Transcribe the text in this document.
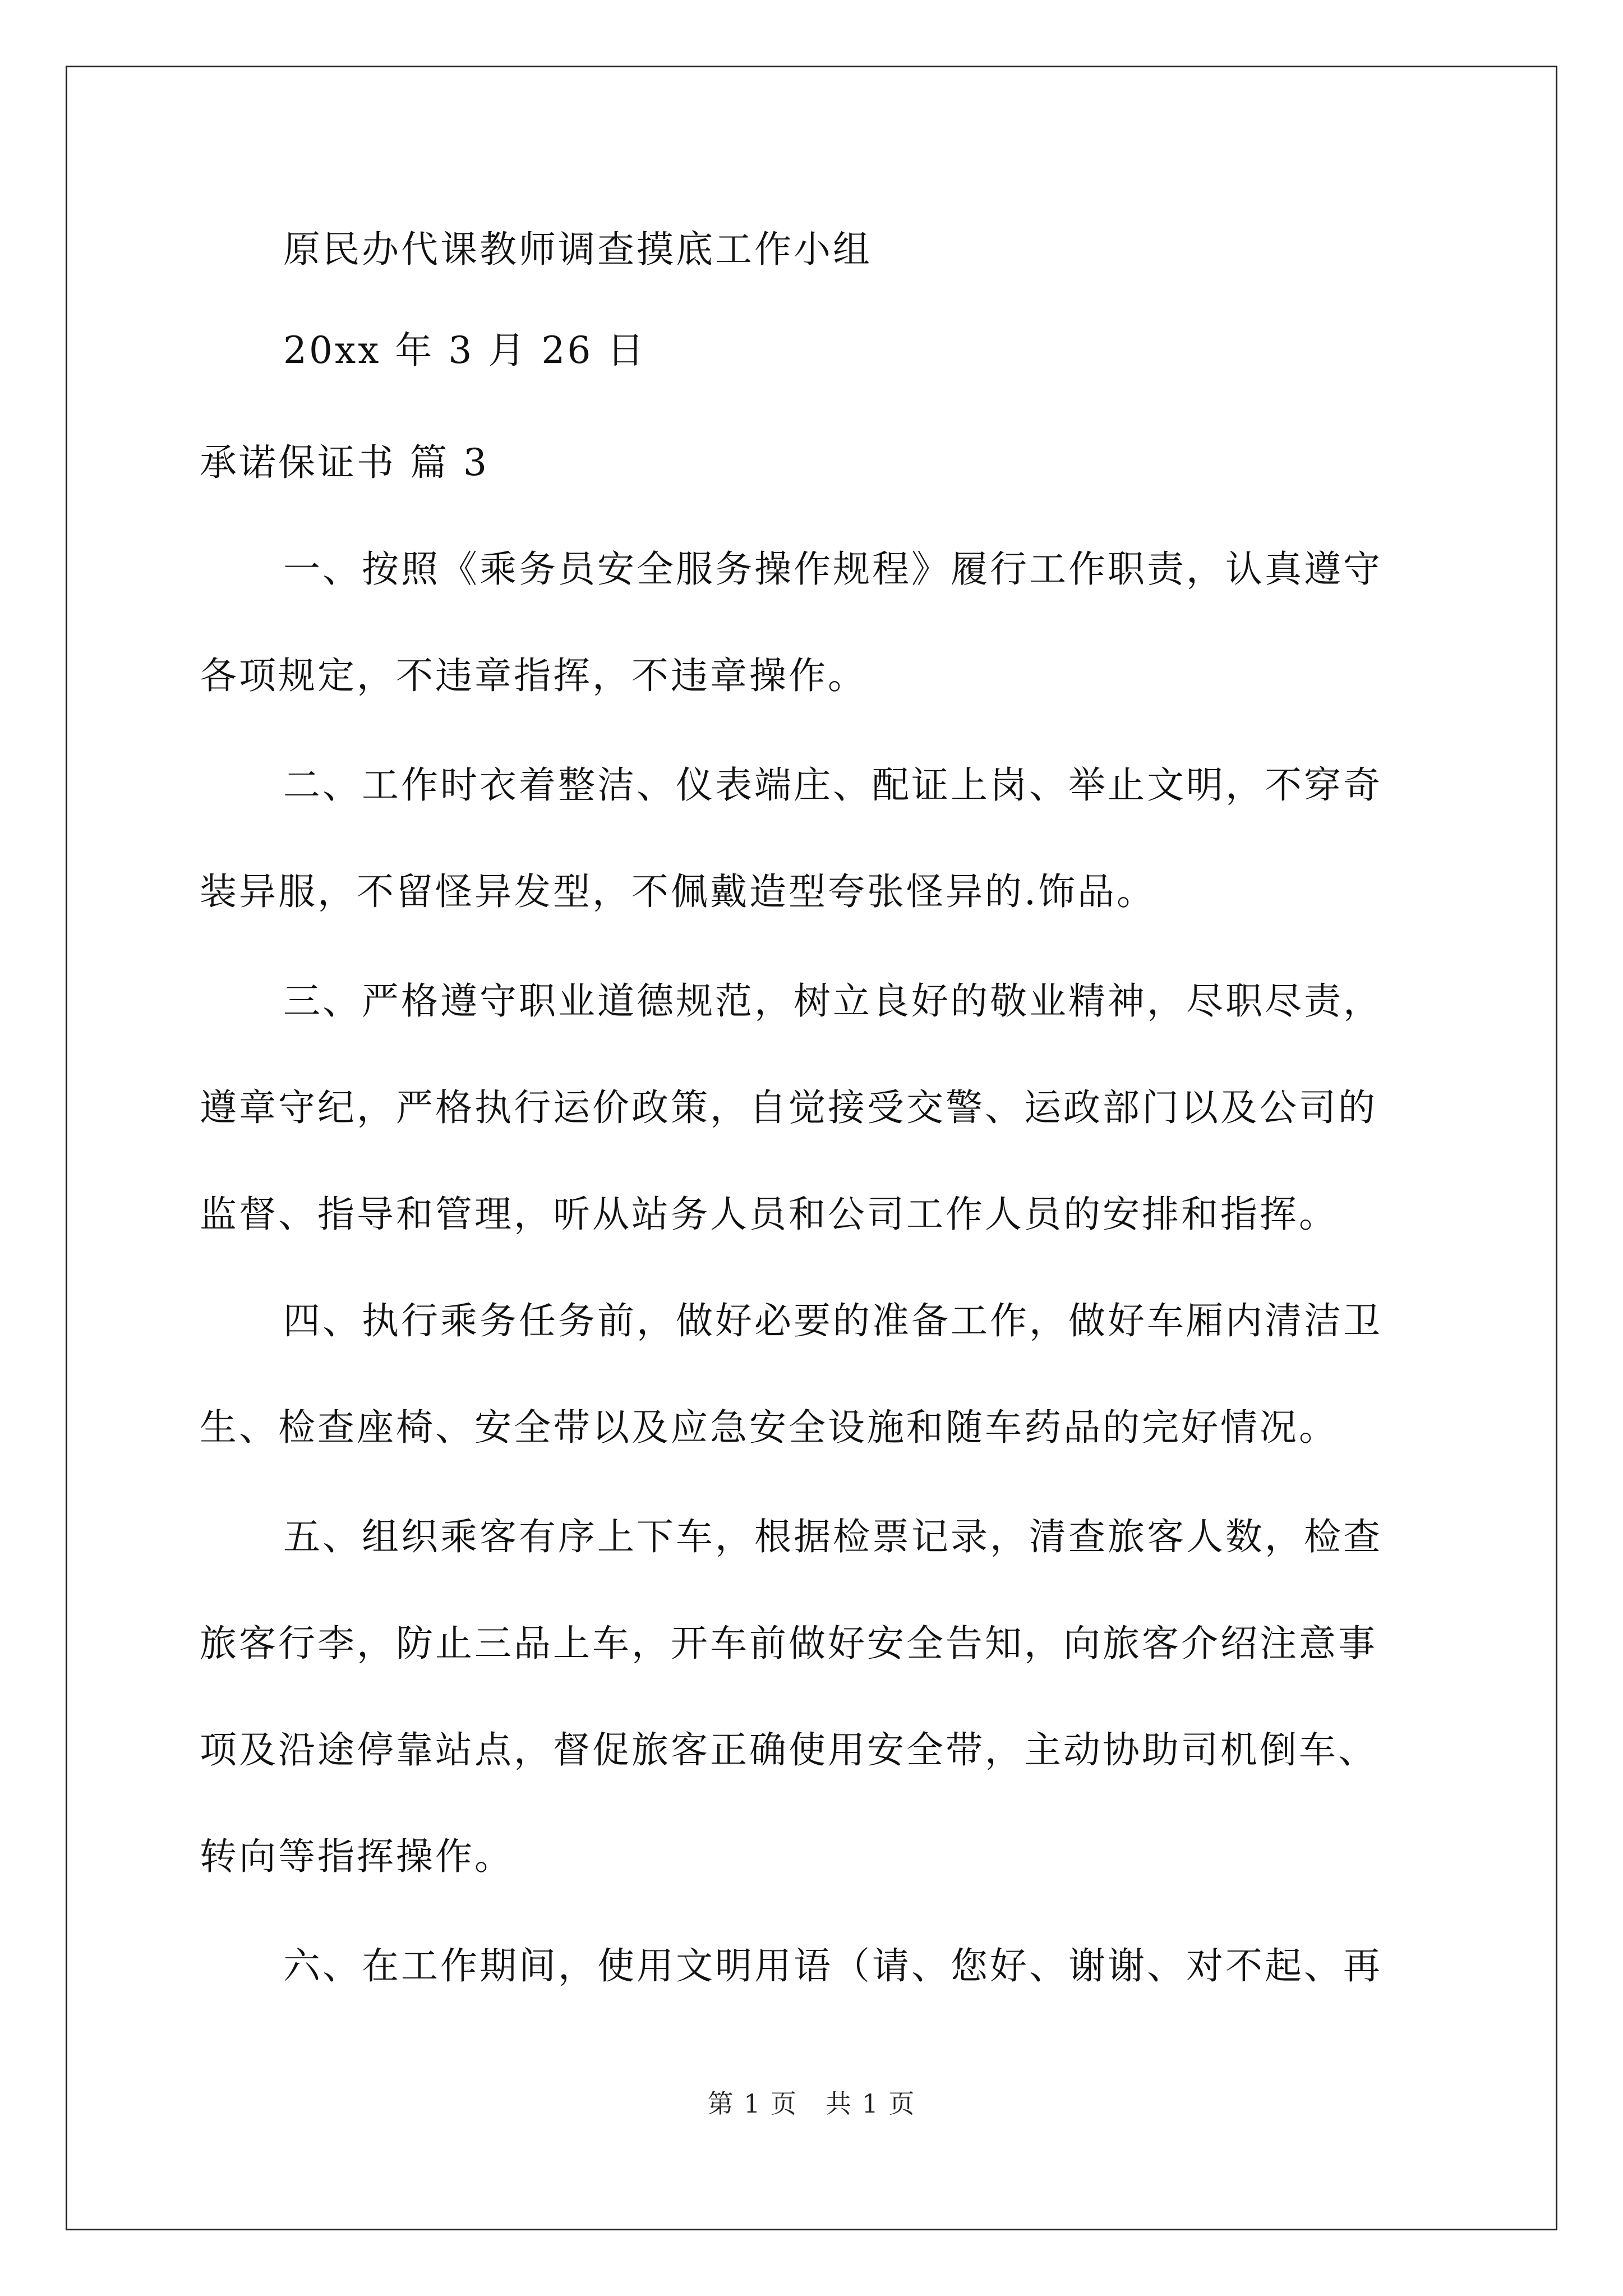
原民办代课教师调查摸底工作小组
20xx 年 3 月 26 日
承诺保证书 篇 3
一、按照《乘务员安全服务操作规程》履行工作职责，认真遵守
各项规定，不违章指挥，不违章操作。
二、工作时衣着整洁、仪表端庄、配证上岗、举止文明，不穿奇
装异服，不留怪异发型，不佩戴造型夸张怪异的.饰品。
三、严格遵守职业道德规范，树立良好的敬业精神，尽职尽责，
遵章守纪，严格执行运价政策，自觉接受交警、运政部门以及公司的
监督、指导和管理，听从站务人员和公司工作人员的安排和指挥。
四、执行乘务任务前，做好必要的准备工作，做好车厢内清洁卫
生、检查座椅、安全带以及应急安全设施和随车药品的完好情况。
五、组织乘客有序上下车，根据检票记录，清查旅客人数，检查
旅客行李，防止三品上车，开车前做好安全告知，向旅客介绍注意事
项及沿途停靠站点，督促旅客正确使用安全带，主动协助司机倒车、
转向等指挥操作。
六、在工作期间，使用文明用语（请、您好、谢谢、对不起、再
第 1 页 共 1 页
